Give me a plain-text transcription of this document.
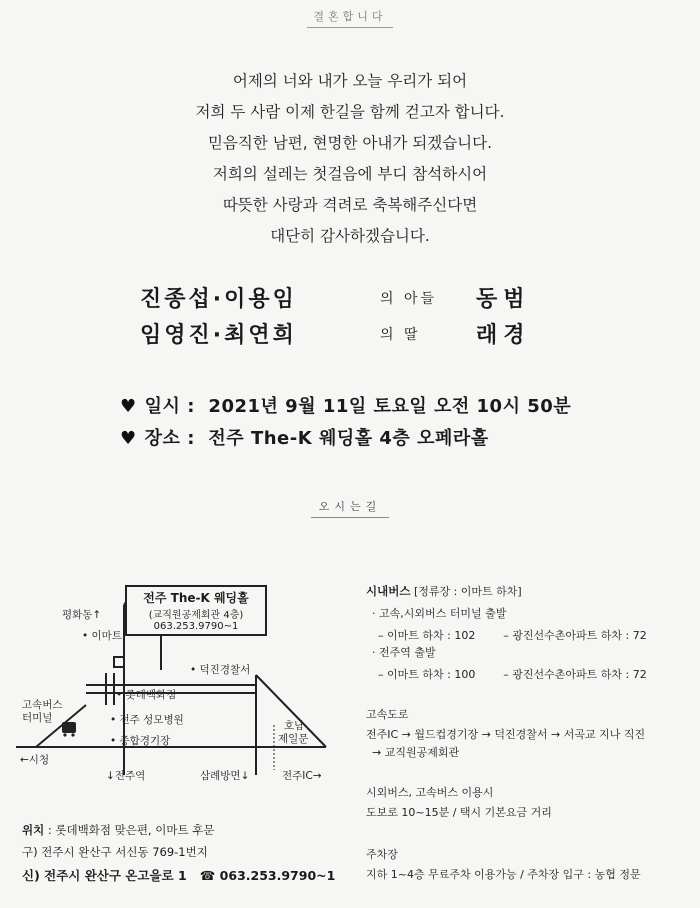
결혼합니다
어제의 너와 내가 오늘 우리가 되어
저희 두 사람 이제 한길을 함께 걷고자 합니다.
믿음직한 남편, 현명한 아내가 되겠습니다.
저희의 설레는 첫걸음에 부디 참석하시어
따뜻한 사랑과 격려로 축복해주신다면
대단히 감사하겠습니다.
진종섭·이용임	의 아들 동범
임영진·최연희	의 딸	래경
♥ 일시 :  2021년 9월 11일 토요일 오전 10시 50분
♥ 장소 :  전주 The-K 웨딩홀 4층 오페라홀
오시는길
전주 The-K 웨딩홀
(교직원공제회관 4층)
063.253.9790~1
평화동↑
• 이마트
• 덕진경찰서
• 롯데백화점
고속버스
터미널	• 전주 성모병원	호남
제일문
• 종합경기장
←시청
↓전주역	삼례방면↓	전주IC→
위치 : 롯데백화점 맞은편, 이마트 후문
구) 전주시 완산구 서신동 769-1번지
신) 전주시 완산구 온고을로 1 ☎ 063.253.9790~1
시내버스 [정류장 : 이마트 하차]
· 고속,시외버스 터미널 출발
– 이마트 하차 : 102        – 광진선수촌아파트 하차 : 72
· 전주역 출발
– 이마트 하차 : 100        – 광진선수촌아파트 하차 : 72
고속도로
전주IC → 월드컵경기장 → 덕진경찰서 → 서곡교 지나 직진
→ 교직원공제회관
시외버스, 고속버스 이용시
도보로 10~15분 / 택시 기본요금 거리
주차장
지하 1~4층 무료주차 이용가능 / 주차장 입구 : 농협 정문
